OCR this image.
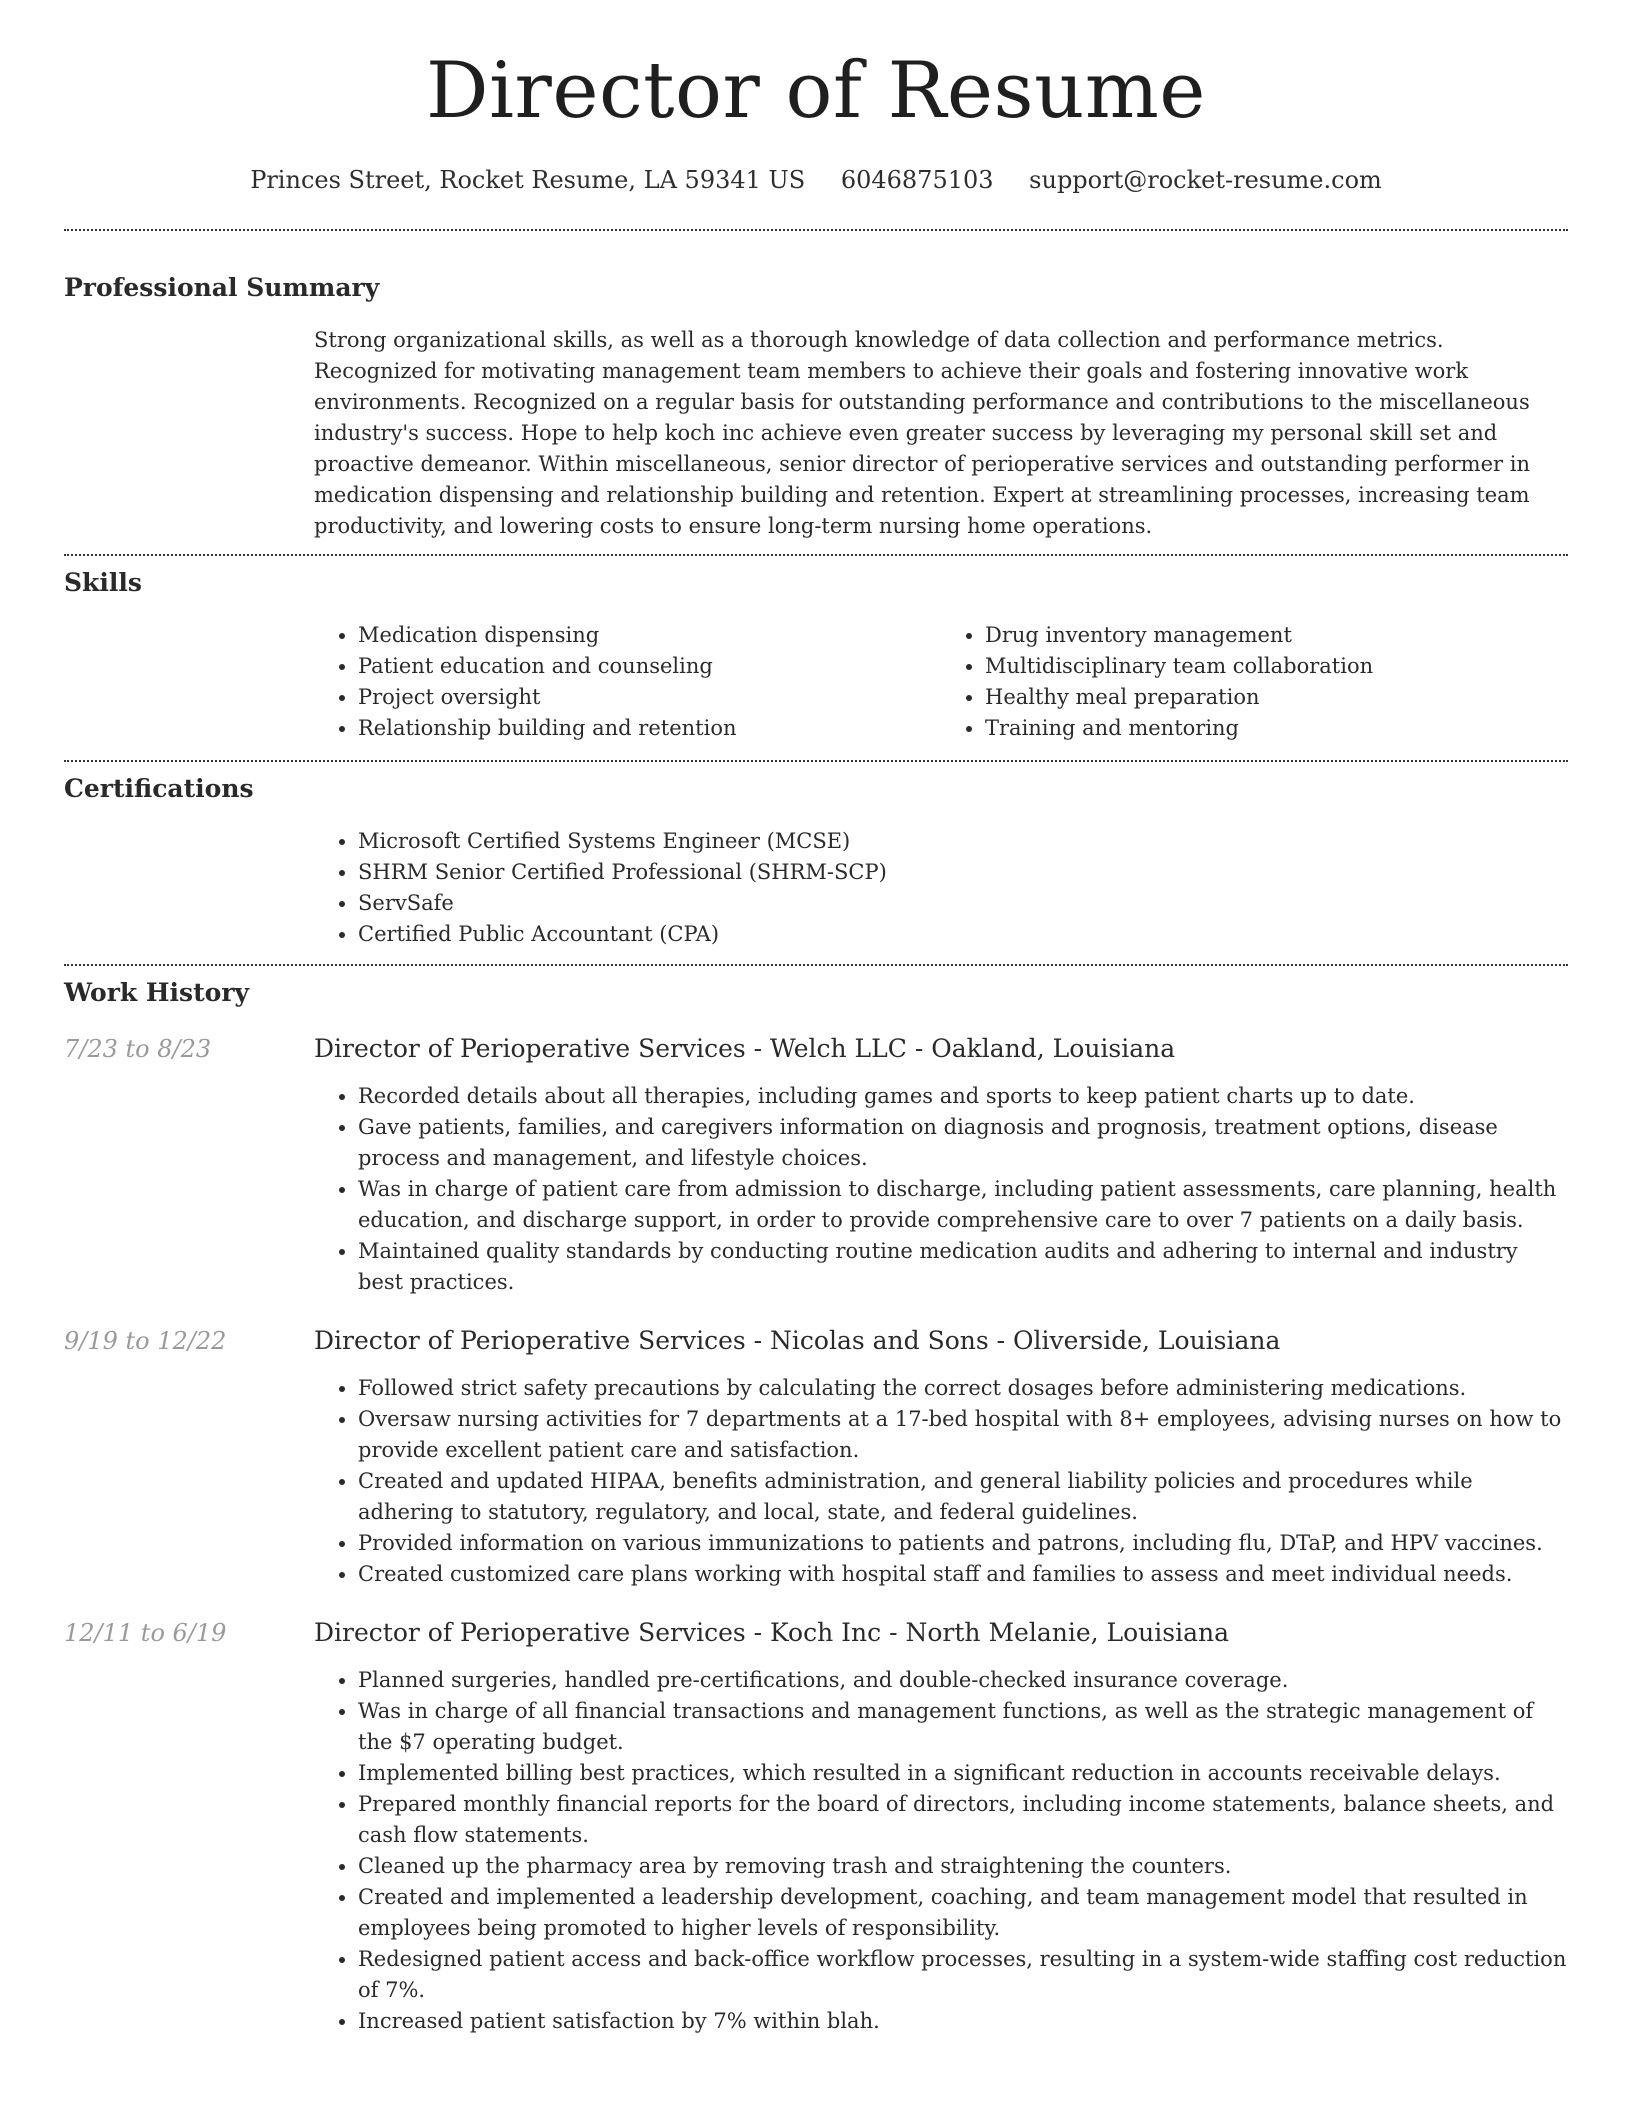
Director of Resume
Princes Street, Rocket Resume, LA 59341 US 6046875103 support@rocket-resume.com
Professional Summary
Strong organizational skills, as well as a thorough knowledge of data collection and performance metrics. Recognized for motivating management team members to achieve their goals and fostering innovative work environments. Recognized on a regular basis for outstanding performance and contributions to the miscellaneous industry's success. Hope to help koch inc achieve even greater success by leveraging my personal skill set and proactive demeanor. Within miscellaneous, senior director of perioperative services and outstanding performer in medication dispensing and relationship building and retention. Expert at streamlining processes, increasing team productivity, and lowering costs to ensure long-term nursing home operations.
Skills
• Medication dispensing
• Patient education and counseling
• Project oversight
• Relationship building and retention
• Drug inventory management
• Multidisciplinary team collaboration
• Healthy meal preparation
• Training and mentoring
Certifications
• Microsoft Certified Systems Engineer (MCSE)
• SHRM Senior Certified Professional (SHRM-SCP)
• ServSafe
• Certified Public Accountant (CPA)
Work History
7/23 to 8/23	Director of Perioperative Services - Welch LLC - Oakland, Louisiana
• Recorded details about all therapies, including games and sports to keep patient charts up to date.
• Gave patients, families, and caregivers information on diagnosis and prognosis, treatment options, disease process and management, and lifestyle choices.
• Was in charge of patient care from admission to discharge, including patient assessments, care planning, health education, and discharge support, in order to provide comprehensive care to over 7 patients on a daily basis.
• Maintained quality standards by conducting routine medication audits and adhering to internal and industry best practices.
9/19 to 12/22	Director of Perioperative Services - Nicolas and Sons - Oliverside, Louisiana
• Followed strict safety precautions by calculating the correct dosages before administering medications.
• Oversaw nursing activities for 7 departments at a 17-bed hospital with 8+ employees, advising nurses on how to provide excellent patient care and satisfaction.
• Created and updated HIPAA, benefits administration, and general liability policies and procedures while adhering to statutory, regulatory, and local, state, and federal guidelines.
• Provided information on various immunizations to patients and patrons, including flu, DTaP, and HPV vaccines.
• Created customized care plans working with hospital staff and families to assess and meet individual needs.
12/11 to 6/19	Director of Perioperative Services - Koch Inc - North Melanie, Louisiana
• Planned surgeries, handled pre-certifications, and double-checked insurance coverage.
• Was in charge of all financial transactions and management functions, as well as the strategic management of the $7 operating budget.
• Implemented billing best practices, which resulted in a significant reduction in accounts receivable delays.
• Prepared monthly financial reports for the board of directors, including income statements, balance sheets, and cash flow statements.
• Cleaned up the pharmacy area by removing trash and straightening the counters.
• Created and implemented a leadership development, coaching, and team management model that resulted in employees being promoted to higher levels of responsibility.
• Redesigned patient access and back-office workflow processes, resulting in a system-wide staffing cost reduction of 7%.
• Increased patient satisfaction by 7% within blah.
